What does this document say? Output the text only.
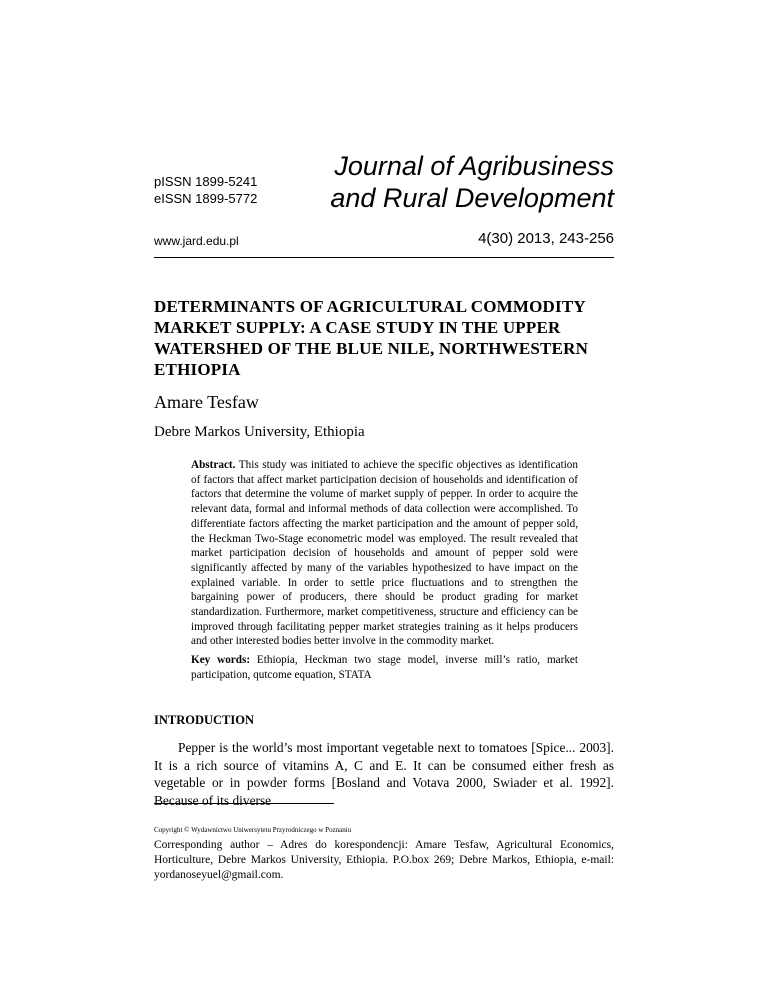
pISSN 1899-5241
eISSN 1899-5772
Journal of Agribusiness
and Rural Development
www.jard.edu.pl	4(30) 2013, 243-256
DETERMINANTS OF AGRICULTURAL COMMODITY MARKET SUPPLY: A CASE STUDY IN THE UPPER WATERSHED OF THE BLUE NILE, NORTHWESTERN ETHIOPIA
Amare Tesfaw
Debre Markos University, Ethiopia

Abstract. This study was initiated to achieve the specific objectives as identification of factors that affect market participation decision of households and identification of factors that determine the volume of market supply of pepper. In order to acquire the relevant data, formal and informal methods of data collection were accomplished. To differentiate factors affecting the market participation and the amount of pepper sold, the Heckman Two-Stage econometric model was employed. The result revealed that market participation decision of households and amount of pepper sold were significantly affected by many of the variables hypothesized to have impact on the explained variable. In order to settle price fluctuations and to strengthen the bargaining power of producers, there should be product grading for market standardization. Furthermore, market competitiveness, structure and efficiency can be improved through facilitating pepper market strategies training as it helps producers and other interested bodies better involve in the commodity market.

Key words: Ethiopia, Heckman two stage model, inverse mill’s ratio, market participation, qutcome equation, STATA

INTRODUCTION

Pepper is the world’s most important vegetable next to tomatoes [Spice... 2003]. It is a rich source of vitamins A, C and E. It can be consumed either fresh as vegetable or in powder forms [Bosland and Votava 2000, Swiader et al. 1992]. Because of its diverse

Copyright © Wydawnictwo Uniwersytetu Przyrodniczego w Poznaniu

Corresponding author – Adres do korespondencji: Amare Tesfaw, Agricultural Economics, Horticulture, Debre Markos University, Ethiopia. P.O.box 269; Debre Markos, Ethiopia, e-mail: yordanoseyuel@gmail.com.
